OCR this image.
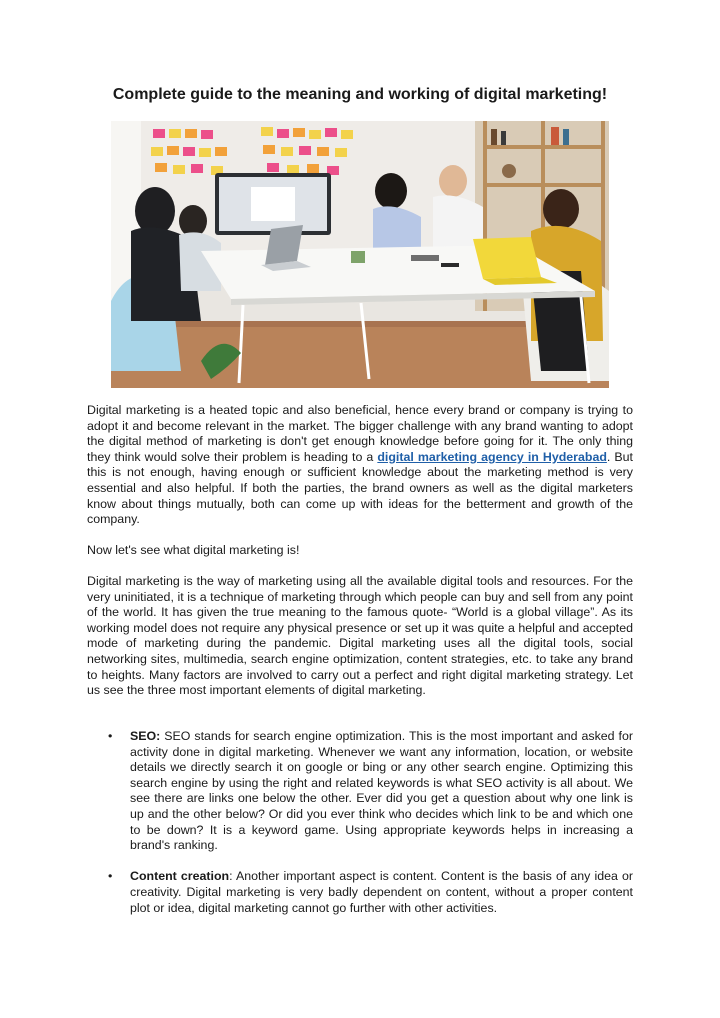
Complete guide to the meaning and working of digital marketing!

Digital marketing is a heated topic and also beneficial, hence every brand or company is trying to adopt it and become relevant in the market. The bigger challenge with any brand wanting to adopt the digital method of marketing is don't get enough knowledge before going for it. The only thing they think would solve their problem is heading to a digital marketing agency in Hyderabad. But this is not enough, having enough or sufficient knowledge about the marketing method is very essential and also helpful. If both the parties, the brand owners as well as the digital marketers know about things mutually, both can come up with ideas for the betterment and growth of the company.

Now let's see what digital marketing is!

Digital marketing is the way of marketing using all the available digital tools and resources. For the very uninitiated, it is a technique of marketing through which people can buy and sell from any point of the world. It has given the true meaning to the famous quote- “World is a global village”. As its working model does not require any physical presence or set up it was quite a helpful and accepted mode of marketing during the pandemic. Digital marketing uses all the digital tools, social networking sites, multimedia, search engine optimization, content strategies, etc. to take any brand to heights. Many factors are involved to carry out a perfect and right digital marketing strategy. Let us see the three most important elements of digital marketing.

• SEO: SEO stands for search engine optimization. This is the most important and asked for activity done in digital marketing. Whenever we want any information, location, or website details we directly search it on google or bing or any other search engine. Optimizing this search engine by using the right and related keywords is what SEO activity is all about. We see there are links one below the other. Ever did you get a question about why one link is up and the other below? Or did you ever think who decides which link to be and which one to be down? It is a keyword game. Using appropriate keywords helps in increasing a brand's ranking.
• Content creation: Another important aspect is content. Content is the basis of any idea or creativity. Digital marketing is very badly dependent on content, without a proper content plot or idea, digital marketing cannot go further with other activities.
